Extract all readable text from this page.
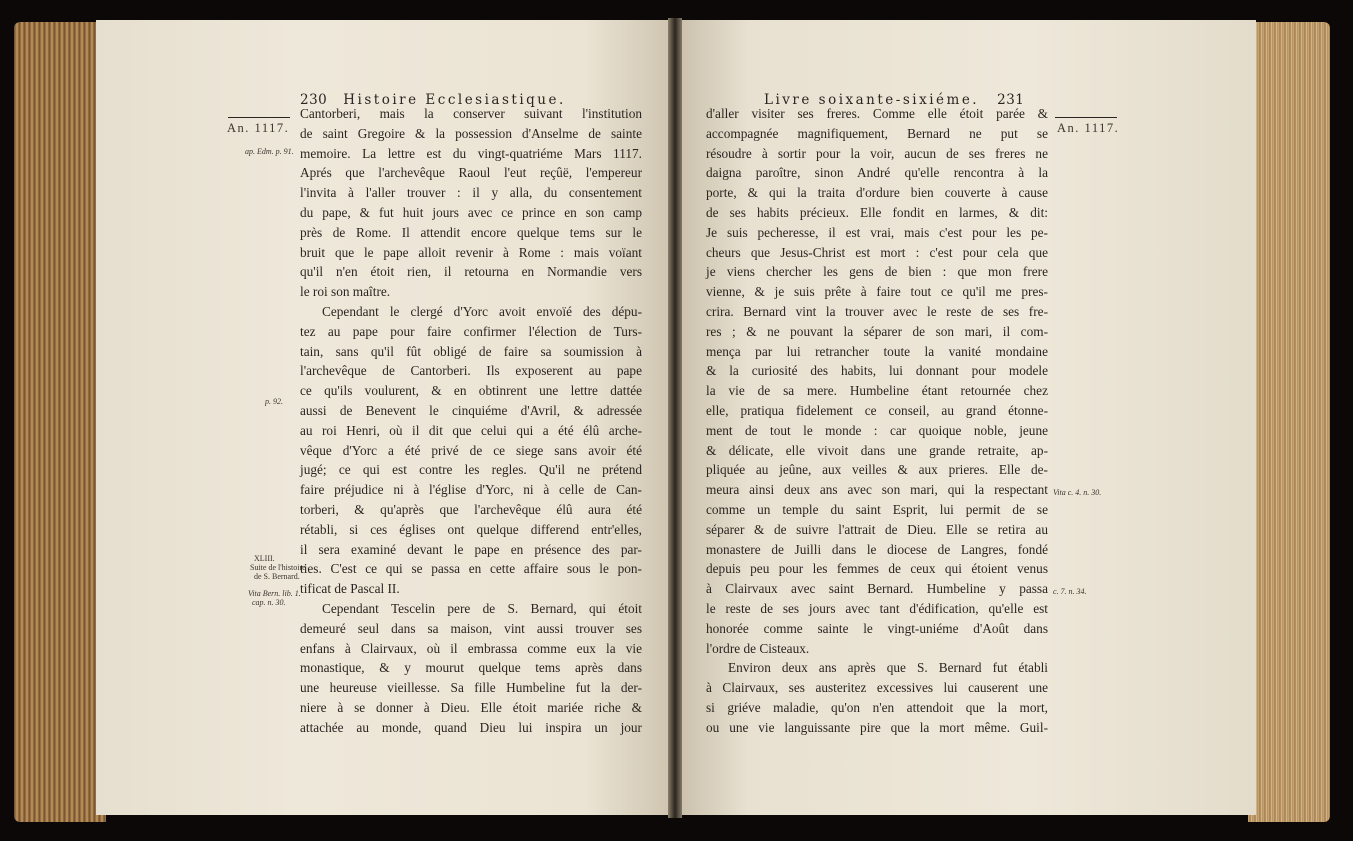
230 Histoire Ecclesiastique.
An. 1117.
ap. Edm. p. 91.
p. 92.
XLIII.
Suite de l'histoire
de S. Bernard.
Vita Bern. lib. 1.
cap. n. 30.
Cantorberi, mais la conserver suivant l'institution
de saint Gregoire & la possession d'Anselme de sainte
memoire. La lettre est du vingt-quatriéme Mars 1117.
Aprés que l'archevêque Raoul l'eut reçûë, l'empereur
l'invita à l'aller trouver : il y alla, du consentement
du pape, & fut huit jours avec ce prince en son camp
près de Rome. Il attendit encore quelque tems sur le
bruit que le pape alloit revenir à Rome : mais voïant
qu'il n'en étoit rien, il retourna en Normandie vers
le roi son maître.
Cependant le clergé d'Yorc avoit envoïé des dépu-
tez au pape pour faire confirmer l'élection de Turs-
tain, sans qu'il fût obligé de faire sa soumission à
l'archevêque de Cantorberi. Ils exposerent au pape
ce qu'ils voulurent, & en obtinrent une lettre dattée
aussi de Benevent le cinquiéme d'Avril, & adressée
au roi Henri, où il dit que celui qui a été élû arche-
vêque d'Yorc a été privé de ce siege sans avoir été
jugé; ce qui est contre les regles. Qu'il ne prétend
faire préjudice ni à l'église d'Yorc, ni à celle de Can-
torberi, & qu'après que l'archevêque élû aura été
rétabli, si ces églises ont quelque differend entr'elles,
il sera examiné devant le pape en présence des par-
ties. C'est ce qui se passa en cette affaire sous le pon-
tificat de Pascal II.
Cependant Tescelin pere de S. Bernard, qui étoit
demeuré seul dans sa maison, vint aussi trouver ses
enfans à Clairvaux, où il embrassa comme eux la vie
monastique, & y mourut quelque tems après dans
une heureuse vieillesse. Sa fille Humbeline fut la der-
niere à se donner à Dieu. Elle étoit mariée riche &
attachée au monde, quand Dieu lui inspira un jour
Livre soixante-sixiéme. 231
An. 1117.
Vita c. 4. n. 30.
c. 7. n. 34.
d'aller visiter ses freres. Comme elle étoit parée &
accompagnée magnifiquement, Bernard ne put se
résoudre à sortir pour la voir, aucun de ses freres ne
daigna paroître, sinon André qu'elle rencontra à la
porte, & qui la traita d'ordure bien couverte à cause
de ses habits précieux. Elle fondit en larmes, & dit:
Je suis pecheresse, il est vrai, mais c'est pour les pe-
cheurs que Jesus-Christ est mort : c'est pour cela que
je viens chercher les gens de bien : que mon frere
vienne, & je suis prête à faire tout ce qu'il me pres-
crira. Bernard vint la trouver avec le reste de ses fre-
res ; & ne pouvant la séparer de son mari, il com-
mença par lui retrancher toute la vanité mondaine
& la curiosité des habits, lui donnant pour modele
la vie de sa mere. Humbeline étant retournée chez
elle, pratiqua fidelement ce conseil, au grand étonne-
ment de tout le monde : car quoique noble, jeune
& délicate, elle vivoit dans une grande retraite, ap-
pliquée au jeûne, aux veilles & aux prieres. Elle de-
meura ainsi deux ans avec son mari, qui la respectant
comme un temple du saint Esprit, lui permit de se
séparer & de suivre l'attrait de Dieu. Elle se retira au
monastere de Juilli dans le diocese de Langres, fondé
depuis peu pour les femmes de ceux qui étoient venus
à Clairvaux avec saint Bernard. Humbeline y passa
le reste de ses jours avec tant d'édification, qu'elle est
honorée comme sainte le vingt-uniéme d'Août dans
l'ordre de Cisteaux.
Environ deux ans après que S. Bernard fut établi
à Clairvaux, ses austeritez excessives lui causerent une
si griéve maladie, qu'on n'en attendoit que la mort,
ou une vie languissante pire que la mort même. Guil-
